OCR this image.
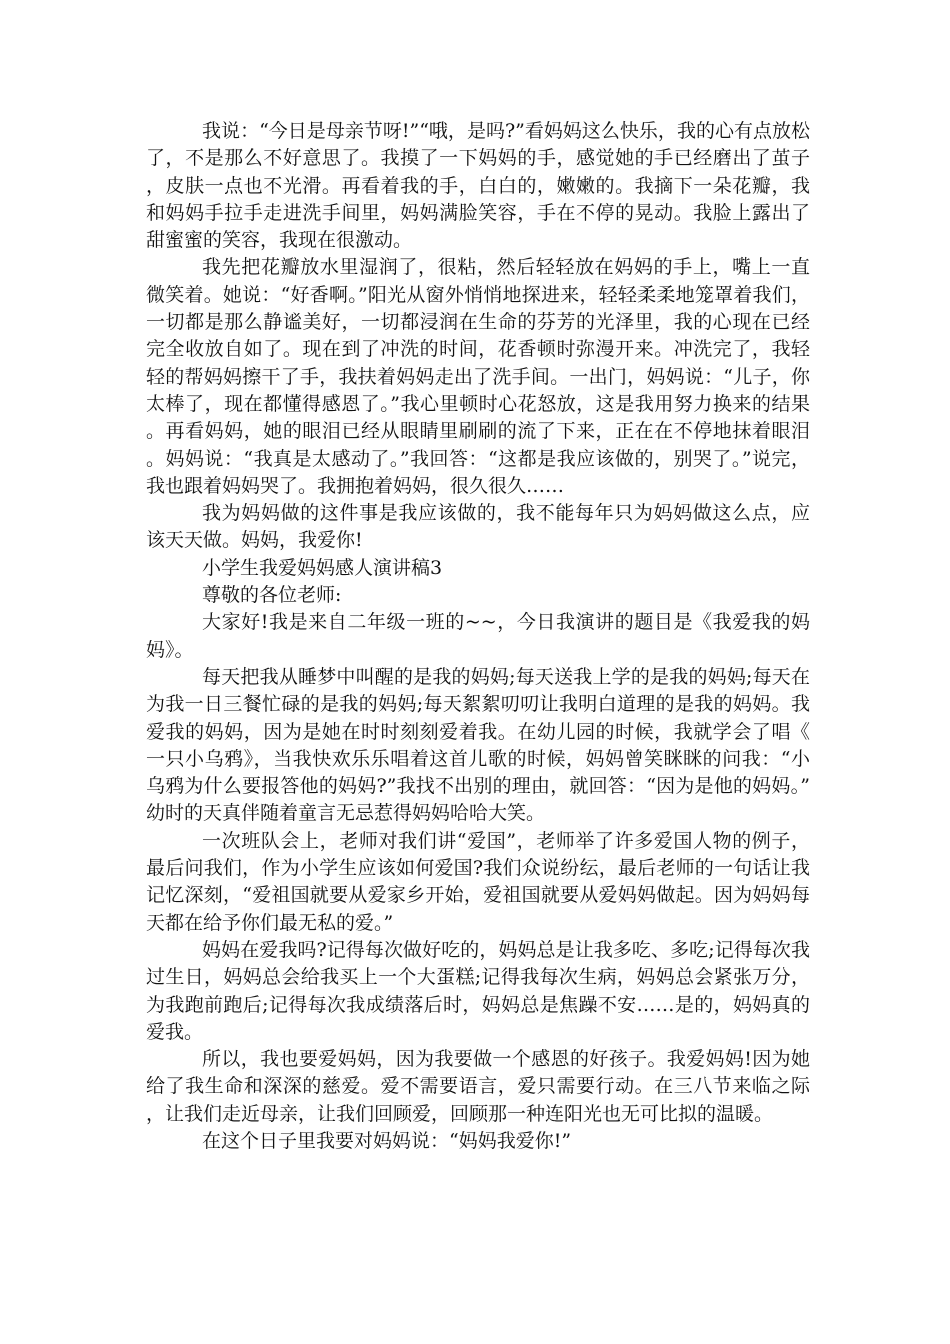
我说：“今日是母亲节呀!”“哦，是吗?”看妈妈这么快乐，我的心有点放松了，不是那么不好意思了。我摸了一下妈妈的手，感觉她的手已经磨出了茧子，皮肤一点也不光滑。再看着我的手，白白的，嫩嫩的。我摘下一朵花瓣，我和妈妈手拉手走进洗手间里，妈妈满脸笑容，手在不停的晃动。我脸上露出了甜蜜蜜的笑容，我现在很激动。

我先把花瓣放水里湿润了，很粘，然后轻轻放在妈妈的手上，嘴上一直微笑着。她说：“好香啊。”阳光从窗外悄悄地探进来，轻轻柔柔地笼罩着我们，一切都是那么静谧美好，一切都浸润在生命的芬芳的光泽里，我的心现在已经完全收放自如了。现在到了冲洗的时间，花香顿时弥漫开来。冲洗完了，我轻轻的帮妈妈擦干了手，我扶着妈妈走出了洗手间。一出门，妈妈说：“儿子，你太棒了，现在都懂得感恩了。”我心里顿时心花怒放，这是我用努力换来的结果。再看妈妈，她的眼泪已经从眼睛里刷刷的流了下来，正在在不停地抹着眼泪。妈妈说：“我真是太感动了。”我回答：“这都是我应该做的，别哭了。”说完，我也跟着妈妈哭了。我拥抱着妈妈，很久很久……

我为妈妈做的这件事是我应该做的，我不能每年只为妈妈做这么点，应该天天做。妈妈，我爱你!

小学生我爱妈妈感人演讲稿3

尊敬的各位老师:

大家好!我是来自二年级一班的~~，今日我演讲的题目是《我爱我的妈妈》。

每天把我从睡梦中叫醒的是我的妈妈;每天送我上学的是我的妈妈;每天在为我一日三餐忙碌的是我的妈妈;每天絮絮叨叨让我明白道理的是我的妈妈。我爱我的妈妈，因为是她在时时刻刻爱着我。在幼儿园的时候，我就学会了唱《一只小乌鸦》，当我快欢乐乐唱着这首儿歌的时候，妈妈曾笑眯眯的问我：“小乌鸦为什么要报答他的妈妈?”我找不出别的理由，就回答：“因为是他的妈妈。”幼时的天真伴随着童言无忌惹得妈妈哈哈大笑。

一次班队会上，老师对我们讲“爱国”，老师举了许多爱国人物的例子，最后问我们，作为小学生应该如何爱国?我们众说纷纭，最后老师的一句话让我记忆深刻，“爱祖国就要从爱家乡开始，爱祖国就要从爱妈妈做起。因为妈妈每天都在给予你们最无私的爱。”

妈妈在爱我吗?记得每次做好吃的，妈妈总是让我多吃、多吃;记得每次我过生日，妈妈总会给我买上一个大蛋糕;记得我每次生病，妈妈总会紧张万分，为我跑前跑后;记得每次我成绩落后时，妈妈总是焦躁不安……是的，妈妈真的爱我。

所以，我也要爱妈妈，因为我要做一个感恩的好孩子。我爱妈妈!因为她给了我生命和深深的慈爱。爱不需要语言，爱只需要行动。在三八节来临之际，让我们走近母亲，让我们回顾爱，回顾那一种连阳光也无可比拟的温暖。

在这个日子里我要对妈妈说：“妈妈我爱你!”
